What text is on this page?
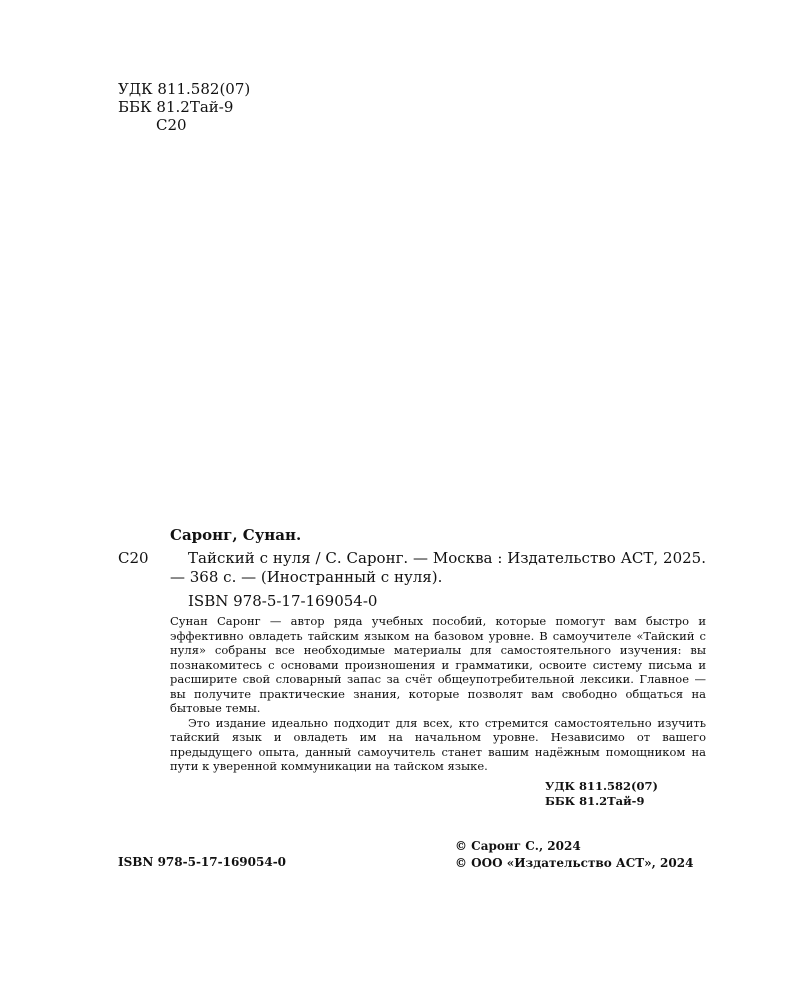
УДК 811.582(07)
ББК 81.2Тай-9
С20
Саронг, Сунан.
С20	Тайский с нуля / С. Саронг. — Москва : Издательство АСТ, 2025. — 368 с. — (Иностранный с нуля).
ISBN 978-5-17-169054-0

Сунан Саронг — автор ряда учебных пособий, которые помогут вам быстро и эффективно овладеть тайским языком на базовом уровне. В самоучителе «Тайский с нуля» собраны все необходимые материалы для самостоятельного изучения: вы познакомитесь с основами произношения и грамматики, освоите систему письма и расширите свой словарный запас за счёт общеупотребительной лексики. Главное — вы получите практические знания, которые позволят вам свободно общаться на бытовые темы.

Это издание идеально подходит для всех, кто стремится самостоятельно изучить тайский язык и овладеть им на начальном уровне. Независимо от вашего предыдущего опыта, данный самоучитель станет вашим надёжным помощником на пути к уверенной коммуникации на тайском языке.

УДК 811.582(07)
ББК 81.2Тай-9
© Саронг С., 2024
© ООО «Издательство АСТ», 2024
ISBN 978-5-17-169054-0
